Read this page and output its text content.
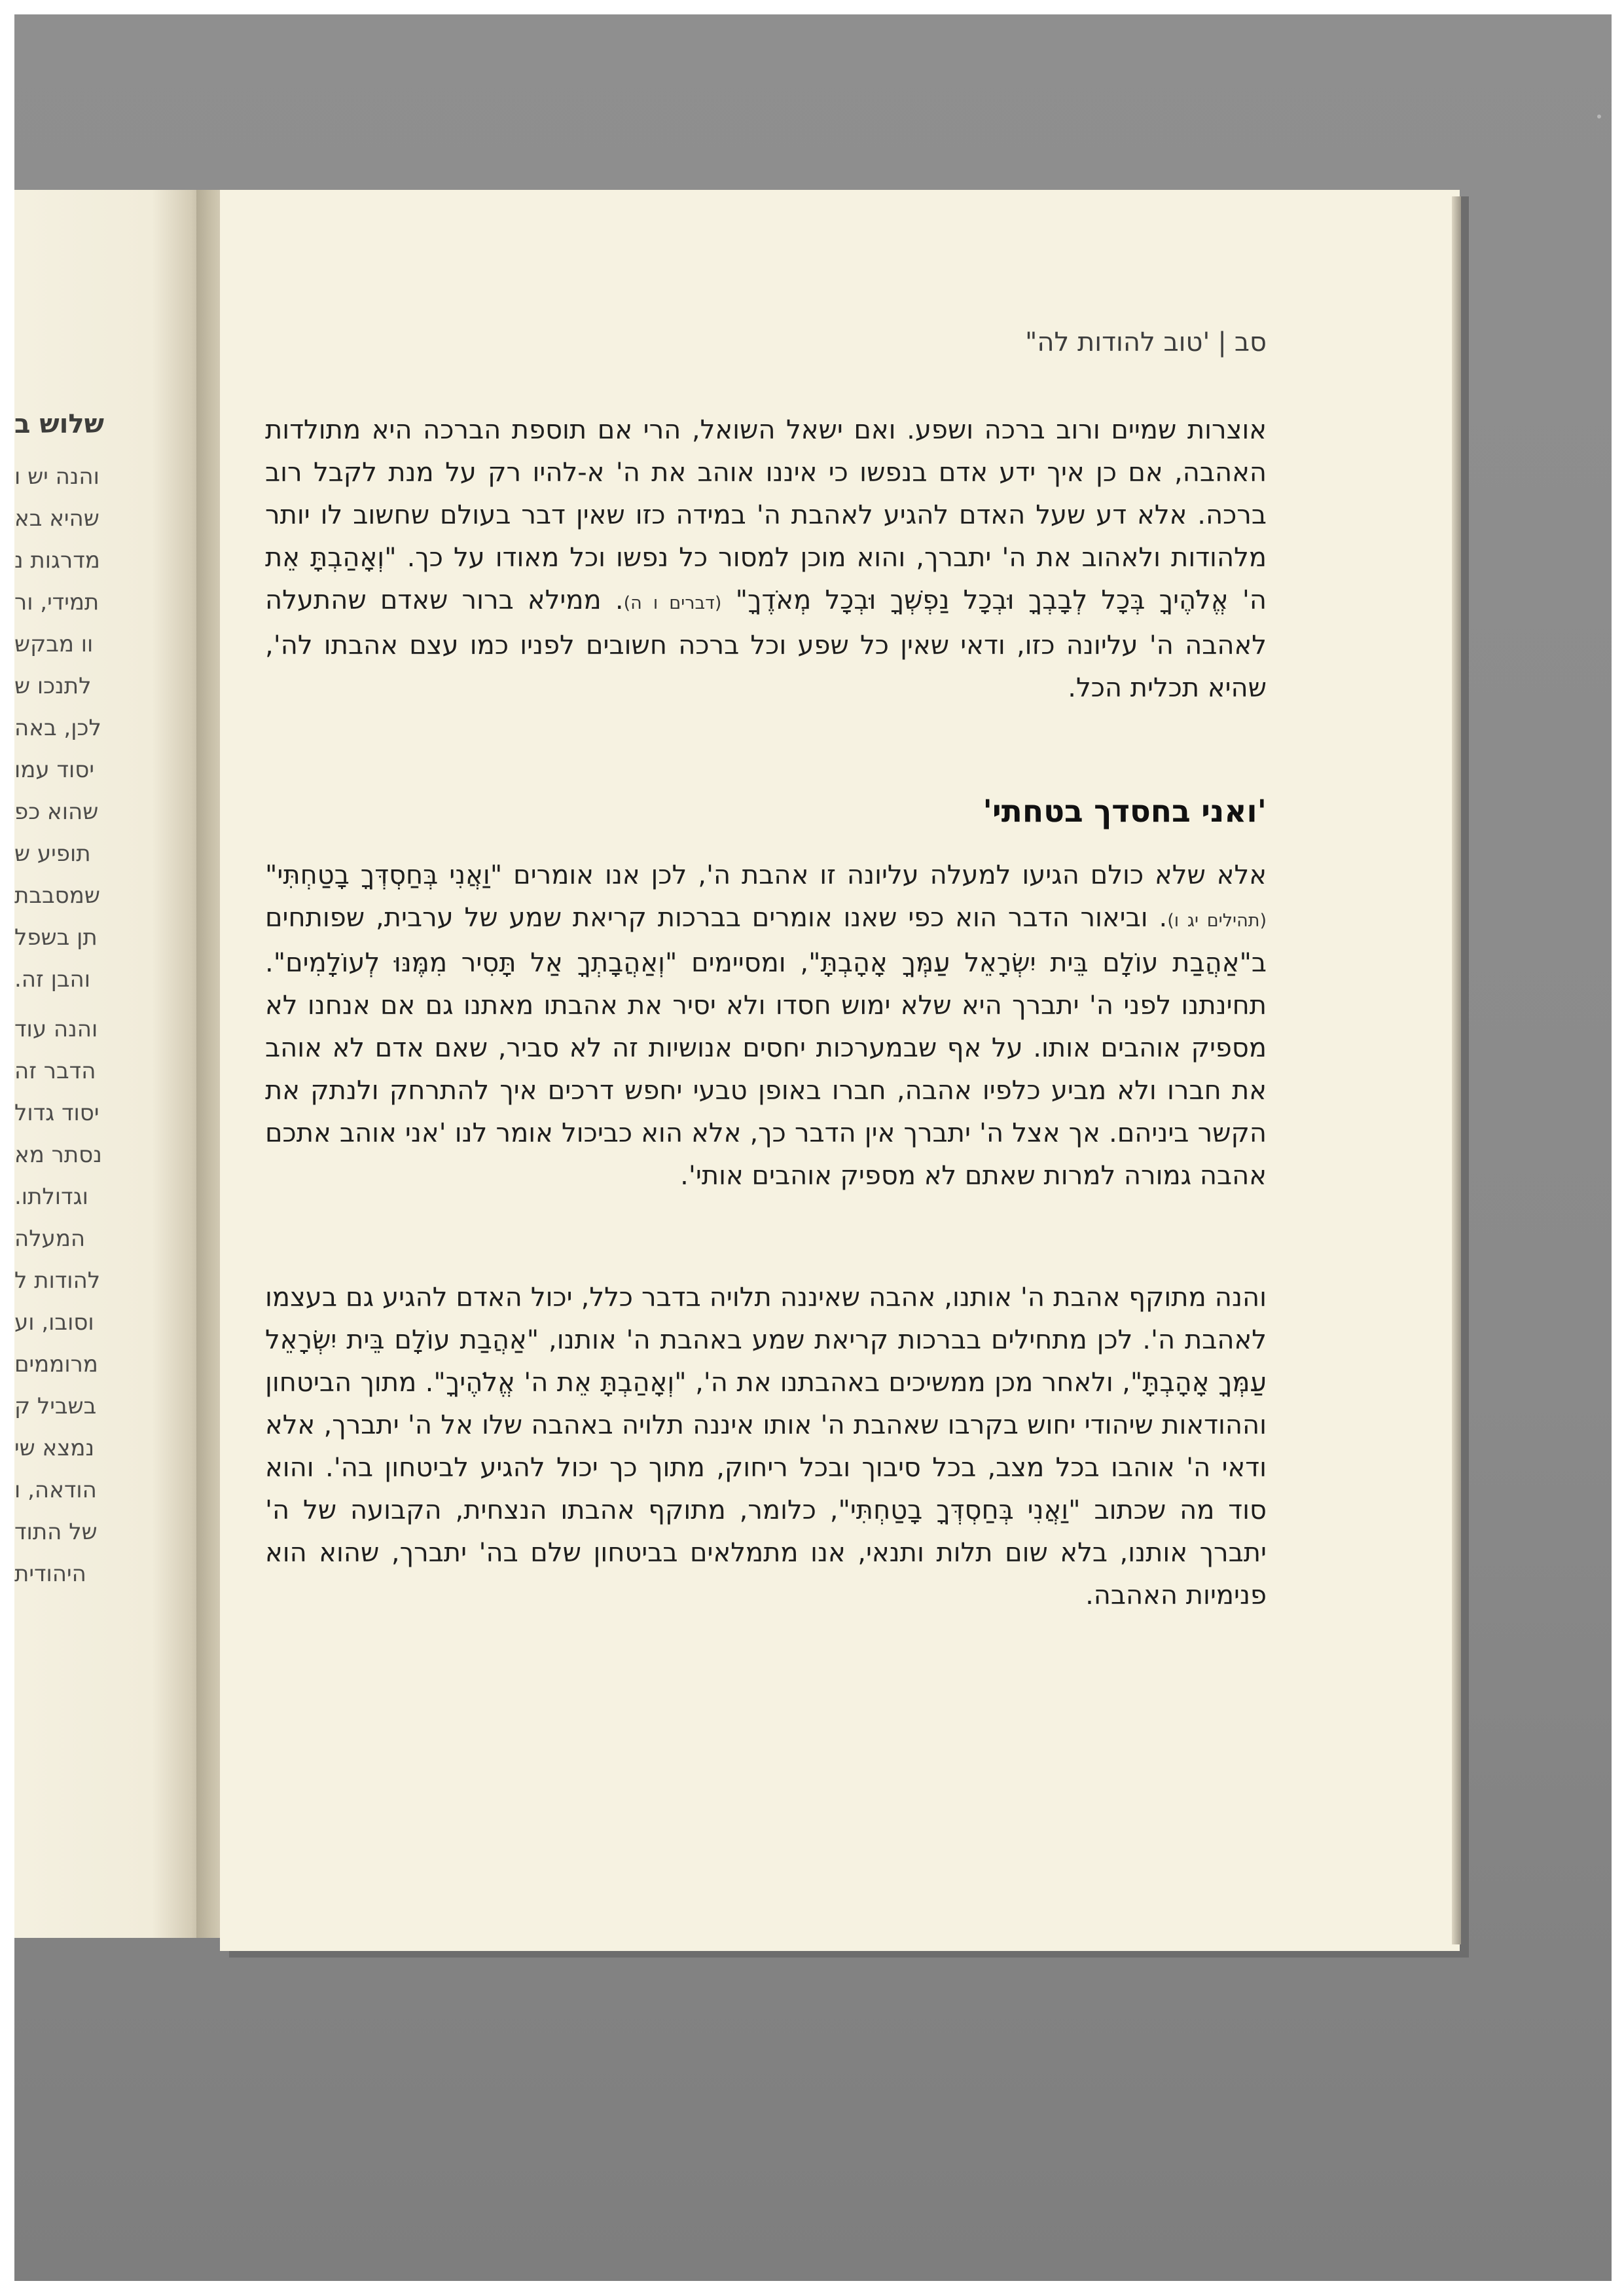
שלוש ב
והנה יש ו
שהיא בא
מדרגות נ
תמידי, ור
וו מבקש
לתנכו ש
לכן, באה
יסוד עמו
שהוא כפ
תופיע ש
שמסבבת
תן בשפל
והבן זה.
והנה עוד
הדבר זה
יסוד גדול
נסתר מא
וגדולתו.
המעלה
להודות ל
וסובו, וע
מרוממים
בשביל ק
נמצא שי
הודאה, ו
של התוד
היהודית
סב|'טוב להודות לה"

אוצרות שמיים ורוב ברכה ושפע. ואם ישאל השואל, הרי אם תוספת הברכה היא מתולדות האהבה, אם כן איך ידע אדם בנפשו כי איננו אוהב את ה' א-להיו רק על מנת לקבל רוב ברכה. אלא דע שעל האדם להגיע לאהבת ה' במידה כזו שאין דבר בעולם שחשוב לו יותר מלהודות ולאהוב את ה' יתברך, והוא מוכן למסור כל נפשו וכל מאודו על כך. "וְאָהַבְתָּ אֵת ה' אֱלֹהֶיךָ בְּכָל לְבָבְךָ וּבְכָל נַפְשְׁךָ וּבְכָל מְאֹדֶךָ" (דברים ו ה). ממילא ברור שאדם שהתעלה לאהבה ה' עליונה כזו, ודאי שאין כל שפע וכל ברכה חשובים לפניו כמו עצם אהבתו לה', שהיא תכלית הכל.

'ואני בחסדך בטחתי'

אלא שלא כולם הגיעו למעלה עליונה זו אהבת ה', לכן אנו אומרים "וַאֲנִי בְּחַסְדְּךָ בָטַחְתִּי" (תהילים יג ו). וביאור הדבר הוא כפי שאנו אומרים בברכות קריאת שמע של ערבית, שפותחים ב"אַהֲבַת עוֹלָם בֵּית יִשְׂרָאֵל עַמְּךָ אָהָבְתָּ", ומסיימים "וְאַהֲבָתְךָ אַל תָּסִיר מִמֶּנּוּ לְעוֹלָמִים". תחינתנו לפני ה' יתברך היא שלא ימוש חסדו ולא יסיר את אהבתו מאתנו גם אם אנחנו לא מספיק אוהבים אותו. על אף שבמערכות יחסים אנושיות זה לא סביר, שאם אדם לא אוהב את חברו ולא מביע כלפיו אהבה, חברו באופן טבעי יחפש דרכים איך להתרחק ולנתק את הקשר ביניהם. אך אצל ה' יתברך אין הדבר כך, אלא הוא כביכול אומר לנו 'אני אוהב אתכם אהבה גמורה למרות שאתם לא מספיק אוהבים אותי'.

והנה מתוקף אהבת ה' אותנו, אהבה שאיננה תלויה בדבר כלל, יכול האדם להגיע גם בעצמו לאהבת ה'. לכן מתחילים בברכות קריאת שמע באהבת ה' אותנו, "אַהֲבַת עוֹלָם בֵּית יִשְׂרָאֵל עַמְּךָ אָהָבְתָּ", ולאחר מכן ממשיכים באהבתנו את ה', "וְאָהַבְתָּ אֵת ה' אֱלֹהֶיךָ". מתוך הביטחון וההודאות שיהודי יחוש בקרבו שאהבת ה' אותו איננה תלויה באהבה שלו אל ה' יתברך, אלא ודאי ה' אוהבו בכל מצב, בכל סיבוך ובכל ריחוק, מתוך כך יכול להגיע לביטחון בה'. והוא סוד מה שכתוב "וַאֲנִי בְּחַסְדְּךָ בָטַחְתִּי", כלומר, מתוקף אהבתו הנצחית, הקבועה של ה' יתברך אותנו, בלא שום תלות ותנאי, אנו מתמלאים בביטחון שלם בה' יתברך, שהוא הוא פנימיות האהבה.
